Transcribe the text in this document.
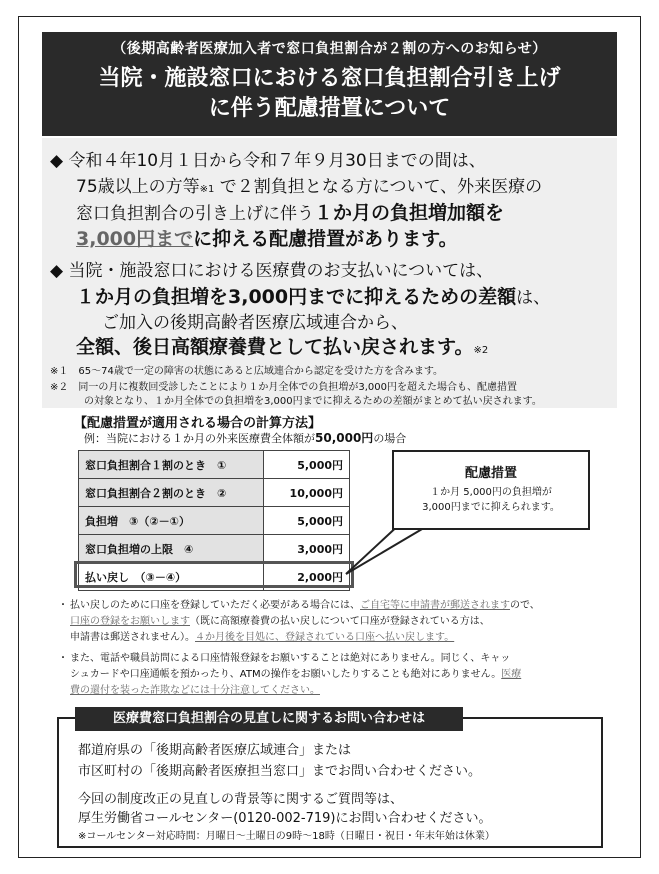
（後期高齢者医療加入者で窓口負担割合が２割の方へのお知らせ）
当院・施設窓口における窓口負担割合引き上げ
に伴う配慮措置について
◆ 令和４年10月１日から令和７年９月30日までの間は、
75歳以上の方等※1 で２割負担となる方について、外来医療の
窓口負担割合の引き上げに伴う１か月の負担増加額を
3,000円までに抑える配慮措置があります。
◆ 当院・施設窓口における医療費のお支払いについては、
１か月の負担増を3,000円までに抑えるための差額は、
ご加入の後期高齢者医療広域連合から、
全額、後日高額療養費として払い戻されます。※2
※１　65～74歳で一定の障害の状態にあると広域連合から認定を受けた方を含みます。
※２　同一の月に複数回受診したことにより１か月全体での負担増が3,000円を超えた場合も、配慮措置
の対象となり、１か月全体での負担増を3,000円までに抑えるための差額がまとめて払い戻されます。
【配慮措置が適用される場合の計算方法】
例：当院における１か月の外来医療費全体額が50,000円の場合
窓口負担割合１割のとき　①	5,000円
窓口負担割合２割のとき　②	10,000円
負担増　③（②－①）	5,000円
窓口負担増の上限　④	3,000円
払い戻し　（③－④）	2,000円
配慮措置
１か月 5,000円の負担増が
3,000円までに抑えられます。
・ 払い戻しのために口座を登録していただく必要がある場合には、ご自宅等に申請書が郵送されますので、
口座の登録をお願いします（既に高額療養費の払い戻しについて口座が登録されている方は、
申請書は郵送されません）。４か月後を目処に、登録されている口座へ払い戻します。
・ また、電話や職員訪問による口座情報登録をお願いすることは絶対にありません。同じく、キャッ
シュカードや口座通帳を預かったり、ATMの操作をお願いしたりすることも絶対にありません。医療
費の還付を装った詐欺などには十分注意してください。
医療費窓口負担割合の見直しに関するお問い合わせは
都道府県の「後期高齢者医療広域連合」または
市区町村の「後期高齢者医療担当窓口」までお問い合わせください。
今回の制度改正の見直しの背景等に関するご質問等は、
厚生労働省コールセンター(0120-002-719)にお問い合わせください。
※コールセンター対応時間：月曜日～土曜日の9時～18時（日曜日・祝日・年末年始は休業）
